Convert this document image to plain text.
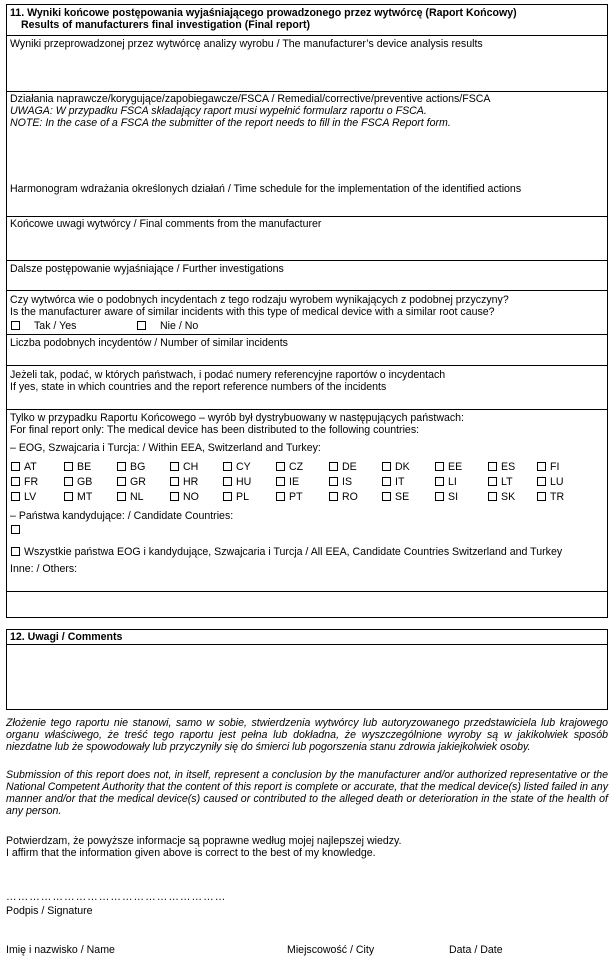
11. Wyniki końcowe postępowania wyjaśniającego prowadzonego przez wytwórcę (Raport Końcowy)
Results of manufacturers final investigation (Final report)
Wyniki przeprowadzonej przez wytwórcę analizy wyrobu / The manufacturer’s device analysis results
Działania naprawcze/korygujące/zapobiegawcze/FSCA / Remedial/corrective/preventive actions/FSCA
UWAGA: W przypadku FSCA składający raport musi wypełnić formularz raportu o FSCA.
NOTE: In the case of a FSCA the submitter of the report needs to fill in the FSCA Report form.
Harmonogram wdrażania określonych działań / Time schedule for the implementation of the identified actions
Końcowe uwagi wytwórcy / Final comments from the manufacturer
Dalsze postępowanie wyjaśniające / Further investigations
Czy wytwórca wie o podobnych incydentach z tego rodzaju wyrobem wynikających z podobnej przyczyny?
Is the manufacturer aware of similar incidents with this type of medical device with a similar root cause?
Tak / Yes	Nie / No
Liczba podobnych incydentów / Number of similar incidents
Jeżeli tak, podać, w których państwach, i podać numery referencyjne raportów o incydentach
If yes, state in which countries and the report reference numbers of the incidents
Tylko w przypadku Raportu Końcowego – wyrób był dystrybuowany w następujących państwach:
For final report only: The medical device has been distributed to the following countries:
– EOG, Szwajcaria i Turcja: / Within EEA, Switzerland and Turkey:
AT	BE	BG	CH	CY	CZ	DE	DK	EE	ES	FI
FR	GB	GR	HR	HU	IE	IS	IT	LI	LT	LU
LV	MT	NL	NO	PL	PT	RO	SE	SI	SK	TR
– Państwa kandydujące: / Candidate Countries:
Wszystkie państwa EOG i kandydujące, Szwajcaria i Turcja / All EEA, Candidate Countries Switzerland and Turkey
Inne: / Others:
12. Uwagi / Comments
Złożenie tego raportu nie stanowi, samo w sobie, stwierdzenia wytwórcy lub autoryzowanego przedstawiciela lub krajowego organu właściwego, że treść tego raportu jest pełna lub dokładna, że wyszczególnione wyroby są w jakikolwiek sposób niezdatne lub że spowodowały lub przyczyniły się do śmierci lub pogorszenia stanu zdrowia jakiejkolwiek osoby.
Submission of this report does not, in itself, represent a conclusion by the manufacturer and/or authorized representative or the National Competent Authority that the content of this report is complete or accurate, that the medical device(s) listed failed in any manner and/or that the medical device(s) caused or contributed to the alleged death or deterioration in the state of the health of any person.
Potwierdzam, że powyższe informacje są poprawne według mojej najlepszej wiedzy.
I affirm that the information given above is correct to the best of my knowledge.
…………………………………………………
Podpis / Signature
Imię i nazwisko / Name	Miejscowość / City	Data / Date
